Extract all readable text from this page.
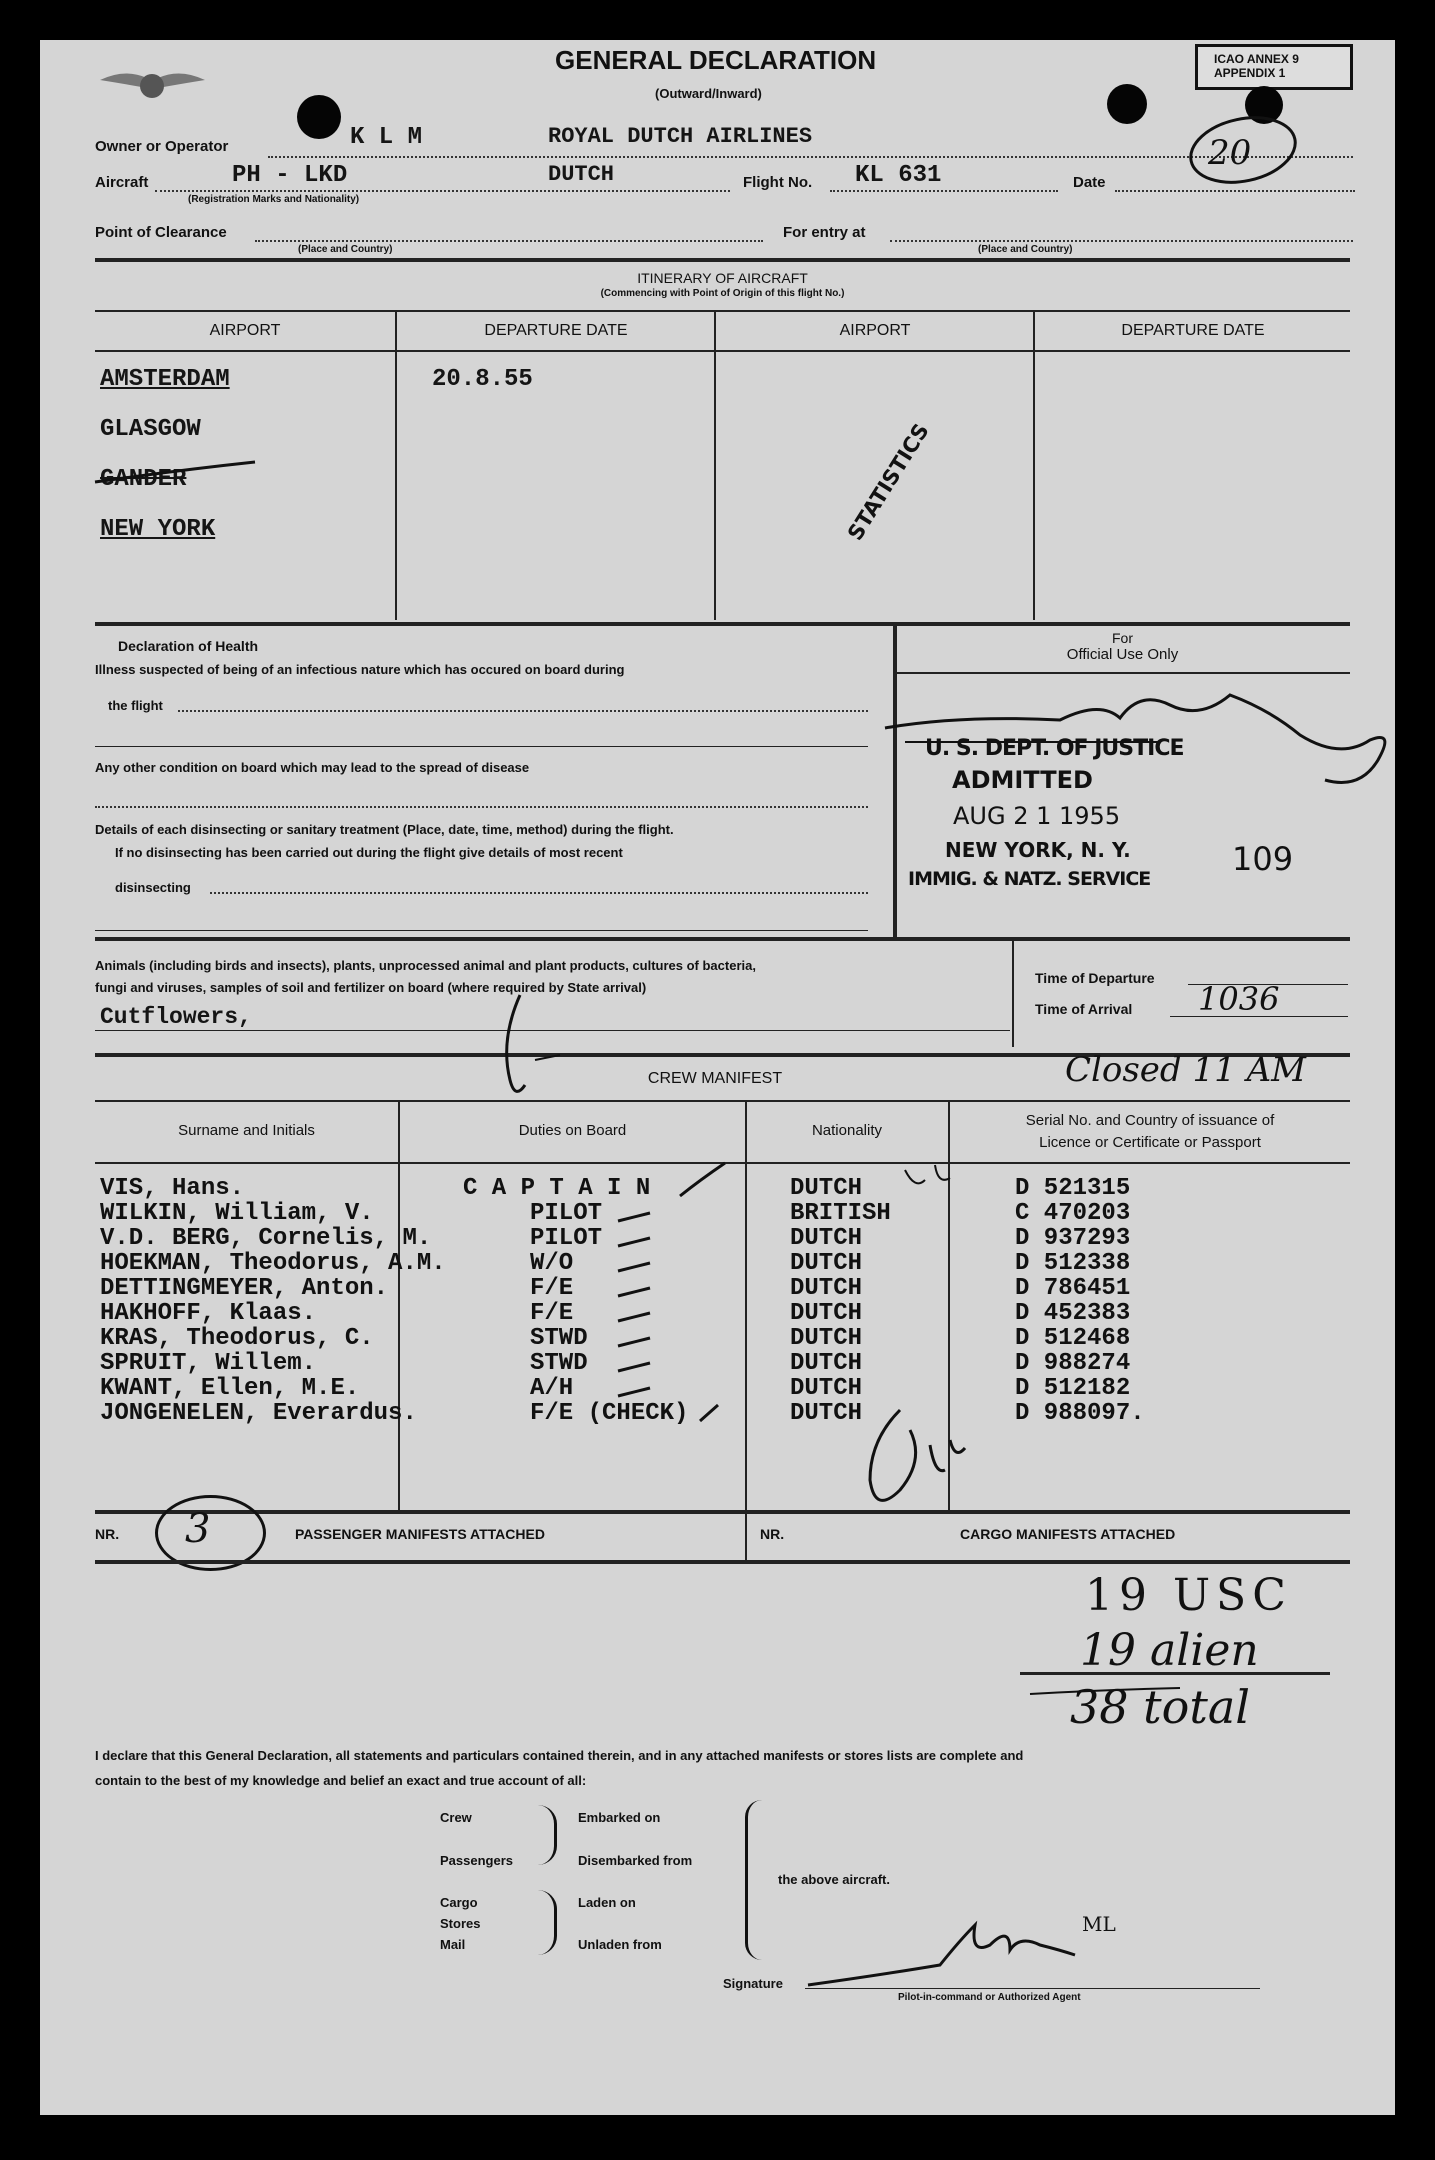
GENERAL DECLARATION
(Outward/Inward)
ICAO ANNEX 9
APPENDIX 1
Owner or Operator	K L M	ROYAL DUTCH AIRLINES	20
Aircraft	PH - LKD	DUTCH
(Registration Marks and Nationality)
Flight No. KL 631	Date
Point of Clearance
(Place and Country)
For entry at
(Place and Country)
ITINERARY OF AIRCRAFT
(Commencing with Point of Origin of this flight No.)
AIRPORT	DEPARTURE DATE	AIRPORT	DEPARTURE DATE
AMSTERDAM
GLASGOW
GANDER
NEW YORK
20.8.55
STATISTICS
Declaration of Health
Illness suspected of being of an infectious nature which has occured on board during
the flight
Any other condition on board which may lead to the spread of disease
Details of each disinsecting or sanitary treatment (Place, date, time, method) during the flight.
If no disinsecting has been carried out during the flight give details of most recent
disinsecting
For
Official Use Only
U. S. DEPT. OF JUSTICE
ADMITTED
AUG 2 1 1955
NEW YORK, N. Y.
IMMIG. & NATZ. SERVICE
109
Animals (including birds and insects), plants, unprocessed animal and plant products, cultures of bacteria,
fungi and viruses, samples of soil and fertilizer on board (where required by State arrival)
Cutflowers,
Time of Departure
Time of Arrival 1036
CREW MANIFEST	Closed 11 AM
Surname and Initials	Duties on Board	Nationality
Serial No. and Country of issuance of
Licence or Certificate or Passport
VIS, Hans.	C A P T A I N	DUTCH	D 521315
WILKIN, William, V.	PILOT	BRITISH	C 470203
V.D. BERG, Cornelis, M.	PILOT	DUTCH	D 937293
HOEKMAN, Theodorus, A.M.	W/O	DUTCH	D 512338
DETTINGMEYER, Anton.	F/E	DUTCH	D 786451
HAKHOFF, Klaas.	F/E	DUTCH	D 452383
KRAS, Theodorus, C.	STWD	DUTCH	D 512468
SPRUIT, Willem.	STWD	DUTCH	D 988274
KWANT, Ellen, M.E.	A/H	DUTCH	D 512182
JONGENELEN, Everardus.	F/E (CHECK)	DUTCH	D 988097.
NR. 3	PASSENGER MANIFESTS ATTACHED	NR.	CARGO MANIFESTS ATTACHED
19 USC
19 alien
38 total
I declare that this General Declaration, all statements and particulars contained therein, and in any attached manifests or stores lists are complete and
contain to the best of my knowledge and belief an exact and true account of all:
Crew
Passengers
Cargo
Stores
Mail
Embarked on
Disembarked from
Laden on
Unladen from
the above aircraft.
Signature
Pilot-in-command or Authorized Agent
ML
